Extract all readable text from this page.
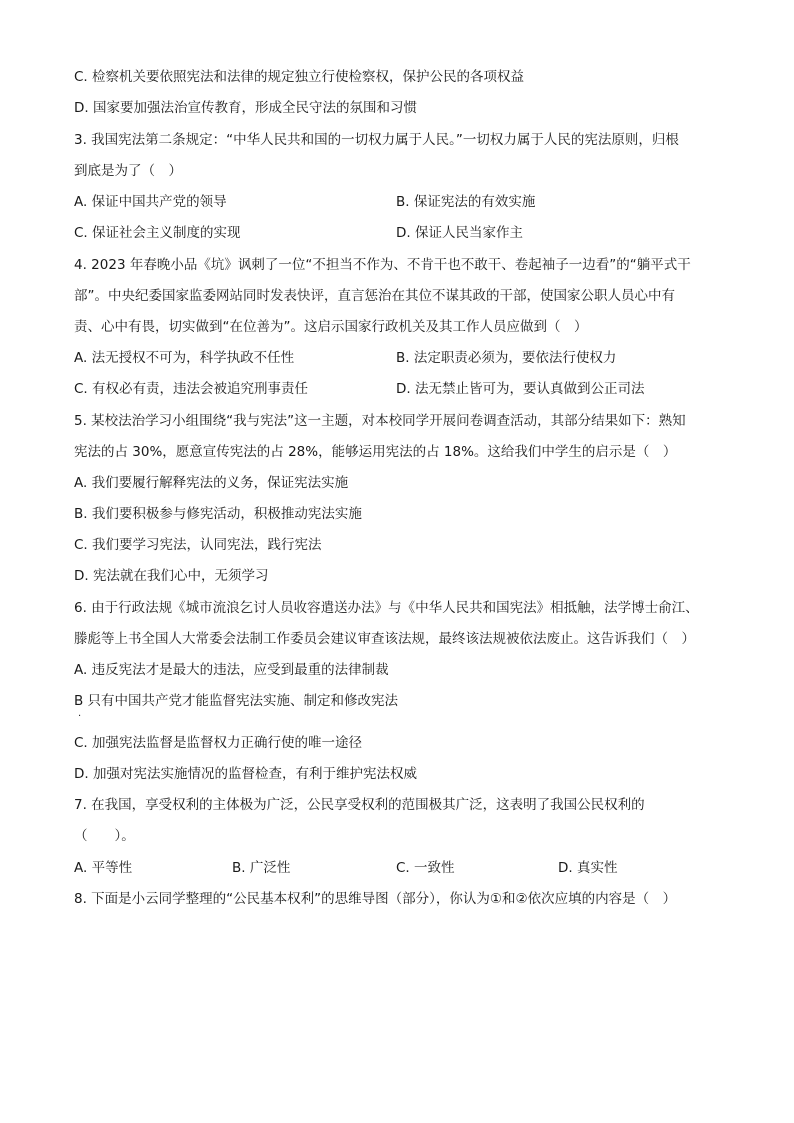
C. 检察机关要依照宪法和法律的规定独立行使检察权，保护公民的各项权益
D. 国家要加强法治宣传教育，形成全民守法的氛围和习惯
3. 我国宪法第二条规定：“中华人民共和国的一切权力属于人民。”一切权力属于人民的宪法原则，归根
到底是为了（　）
A. 保证中国共产党的领导	B. 保证宪法的有效实施
C. 保证社会主义制度的实现	D. 保证人民当家作主
4. 2023 年春晚小品《坑》讽刺了一位“不担当不作为、不肯干也不敢干、卷起袖子一边看”的“躺平式干
部”。中央纪委国家监委网站同时发表快评，直言惩治在其位不谋其政的干部，使国家公职人员心中有
责、心中有畏，切实做到“在位善为”。这启示国家行政机关及其工作人员应做到（　）
A. 法无授权不可为，科学执政不任性	B. 法定职责必须为，要依法行使权力
C. 有权必有责，违法会被追究刑事责任	D. 法无禁止皆可为，要认真做到公正司法
5. 某校法治学习小组围绕“我与宪法”这一主题，对本校同学开展问卷调查活动，其部分结果如下：熟知
宪法的占 30%，愿意宣传宪法的占 28%，能够运用宪法的占 18%。这给我们中学生的启示是（　）
A. 我们要履行解释宪法的义务，保证宪法实施
B. 我们要积极参与修宪活动，积极推动宪法实施
C. 我们要学习宪法，认同宪法，践行宪法
D. 宪法就在我们心中，无须学习
6. 由于行政法规《城市流浪乞讨人员收容遣送办法》与《中华人民共和国宪法》相抵触，法学博士俞江、
滕彪等上书全国人大常委会法制工作委员会建议审查该法规，最终该法规被依法废止。这告诉我们（　）
A. 违反宪法才是最大的违法，应受到最重的法律制裁
B 只有中国共产党才能监督宪法实施、制定和修改宪法
·
C. 加强宪法监督是监督权力正确行使的唯一途径
D. 加强对宪法实施情况的监督检查，有利于维护宪法权威
7. 在我国，享受权利的主体极为广泛，公民享受权利的范围极其广泛，这表明了我国公民权利的
（　　）。
A. 平等性	B. 广泛性	C. 一致性	D. 真实性
8. 下面是小云同学整理的“公民基本权利”的思维导图（部分），你认为①和②依次应填的内容是（　）
